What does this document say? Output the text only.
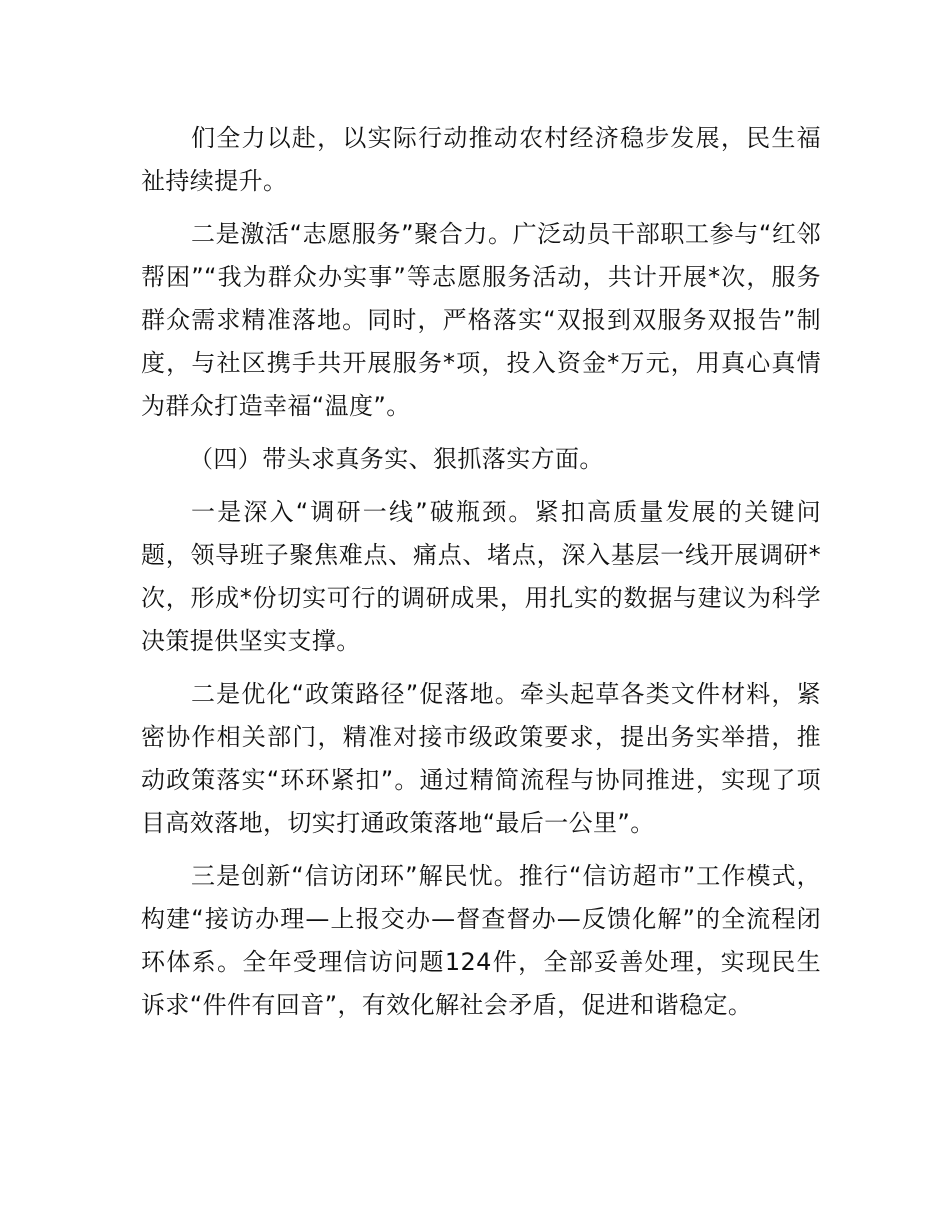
们全力以赴，以实际行动推动农村经济稳步发展，民生福祉持续提升。

二是激活“志愿服务”聚合力。广泛动员干部职工参与“红邻帮困”“我为群众办实事”等志愿服务活动，共计开展*次，服务群众需求精准落地。同时，严格落实“双报到双服务双报告”制度，与社区携手共开展服务*项，投入资金*万元，用真心真情为群众打造幸福“温度”。

（四）带头求真务实、狠抓落实方面。

一是深入“调研一线”破瓶颈。紧扣高质量发展的关键问题，领导班子聚焦难点、痛点、堵点，深入基层一线开展调研*次，形成*份切实可行的调研成果，用扎实的数据与建议为科学决策提供坚实支撑。

二是优化“政策路径”促落地。牵头起草各类文件材料，紧密协作相关部门，精准对接市级政策要求，提出务实举措，推动政策落实“环环紧扣”。通过精简流程与协同推进，实现了项目高效落地，切实打通政策落地“最后一公里”。

三是创新“信访闭环”解民忧。推行“信访超市”工作模式，构建“接访办理—上报交办—督查督办—反馈化解”的全流程闭环体系。全年受理信访问题124件，全部妥善处理，实现民生诉求“件件有回音”，有效化解社会矛盾，促进和谐稳定。
